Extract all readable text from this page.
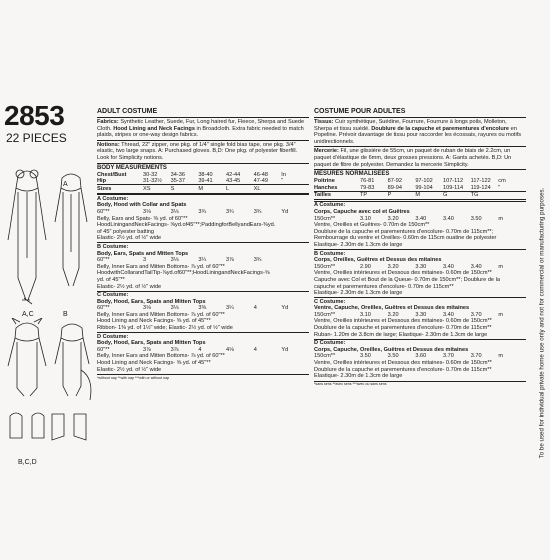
2853
22 PIECES
A
A,C	B
B,C,D
ADULT COSTUME
Fabrics: Synthetic Leather, Suede, Fur, Long haired fur, Fleece, Sherpa and Suede Cloth. Hood Lining and Neck Facings in Broadcloth. Extra fabric needed to match plaids, stripes or one-way design fabrics.
Notions: Thread, 22" zipper, one pkg. of 1/4" single fold bias tape, one pkg. 3/4" elastic, two large snaps. A: Purchased gloves. B,D: One pkg. of polyester fiberfill. Look for Simplicity notions.
BODY MEASUREMENTS
Chest/Bust	30-32	34-36	38-40	42-44	46-48	In
Hip	31-32½	35-37	39-41	43-45	47-49	"
Sizes	XS	S	M	L	XL	
A Costume:
Body, Hood with Collar and Spats
60"**	3⅛	3⅛	3¾	3¾	3¾	Yd
Belly, Ears and Spats- ⅜ yd. of 60"**
HoodLiningandNeckFacings- ⅝yd.of45"**;PaddingforBellyandEars-⅜yd.
of 45" polyester batting
Elastic- 2½ yd. of ½" wide
B Costume:
Body, Ears, Spats and Mitten Tops
60"**	3	3⅛	3¼	3⅞	3¾
Belly, Inner Ears and Mitten Bottoms- ⅞ yd. of 60"**
HoodwithCollarandTailTip-⅞yd.of60"**;HoodLiningandNeckFacings-⅝
yd. of 45"**
Elastic- 2½ yd. of ½" wide
C Costume:
Body, Hood, Ears, Spats and Mitten Tops
60"**	3⅛	3⅛	3⅜	3¼	4	Yd
Belly, Inner Ears and Mitten Bottoms- ⅞ yd. of 60"**
Hood Lining and Neck Facings- ⅝ yd. of 45"**
Ribbon- 1⅜ yd. of 1½" wide; Elastic- 2½ yd. of ½" wide
D Costume:
Body, Hood, Ears, Spats and Mitten Tops
60"**	3⅞	3⅞	4	4⅛	4	Yd
Belly, Inner Ears and Mitten Bottoms- ⅞ yd. of 60"**
Hood Lining and Neck Facings- ⅝ yd. of 45"**
Elastic- 2½ yd. of ½" wide
*without nap **with nap ***with or without nap
COSTUME POUR ADULTES
Tissus: Cuir synthétique, Suédine, Fourrure, Fourrure à longs poils, Molleton, Sherpa et tissu suédé. Doublure de la capuche et parementures d'encolure en Popeline. Prévoir davantage de tissu pour raccorder les écossais, rayures ou motifs unidirectionnels.
Mercerie: Fil, une glissière de 55cm, un paquet de ruban de biais de 2.2cm, un paquet d'élastique de 6mm, deux grosses pressions. A: Gants achetés. B,D: Un paquet de fibre de polyester. Demandez la mercerie Simplicity.
MESURES NORMALISEES
Poitrine	76-81	87-92	97-102	107-112	117-122	cm
Hanches	79-83	89-94	99-104	109-114	119-124	"
Tailles	TP	P	M	G	TG	
A Costume:
Corps, Capuche avec col et Guêtres
150cm**	3.10	3.20	3.40	3.40	3.50	m
Ventre, Oreilles et Guêtres- 0.70m de 150cm**
Doublure de la capuche et parementures d'encolure- 0.70m de 115cm**;
Rembourrage du ventre et Oreilles- 0.60m de 115cm ouatine de polyester
Elastique- 2.30m de 1.3cm de large
B Costume:
Corps, Oreilles, Guêtres et Dessus des mitaines
150cm**	2.90	3.20	3.30	3.40	3.40	m
Ventre, Oreilles intérieures et Dessous des mitaines- 0.60m de 150cm**
Capuche avec Col et Bout de la Queue- 0.70m de 150cm**; Doublure de la
capuche et parementures d'encolure- 0.70m de 115cm**
Elastique- 2.30m de 1.3cm de large
C Costume:
Ventre, Capuche, Oreilles, Guêtres et Dessus des mitaines
150cm**	3.10	3.20	3.30	3.40	3.70	m
Ventre, Oreilles intérieures et Dessous des mitaines- 0.60m de 150cm**
Doublure de la capuche et parementures d'encolure- 0.70m de 115cm**
Ruban- 1.20m de 3.8cm de large; Elastique- 2.30m de 1.3cm de large
D Costume:
Corps, Capuche, Oreilles, Guêtres et Dessus des mitaines
150cm**	3.50	3.50	3.60	3.70	3.70	m
Ventre, Oreilles intérieures et Dessous des mitaines- 0.60m de 150cm**
Doublure de la capuche et parementures d'encolure- 0.70m de 115cm**
Elastique- 2.30m de 1.3cm de large
*sans sens **avec sens ***avec ou sans sens	To be used for individual private home use only and not for commercial or manufacturing purposes.
